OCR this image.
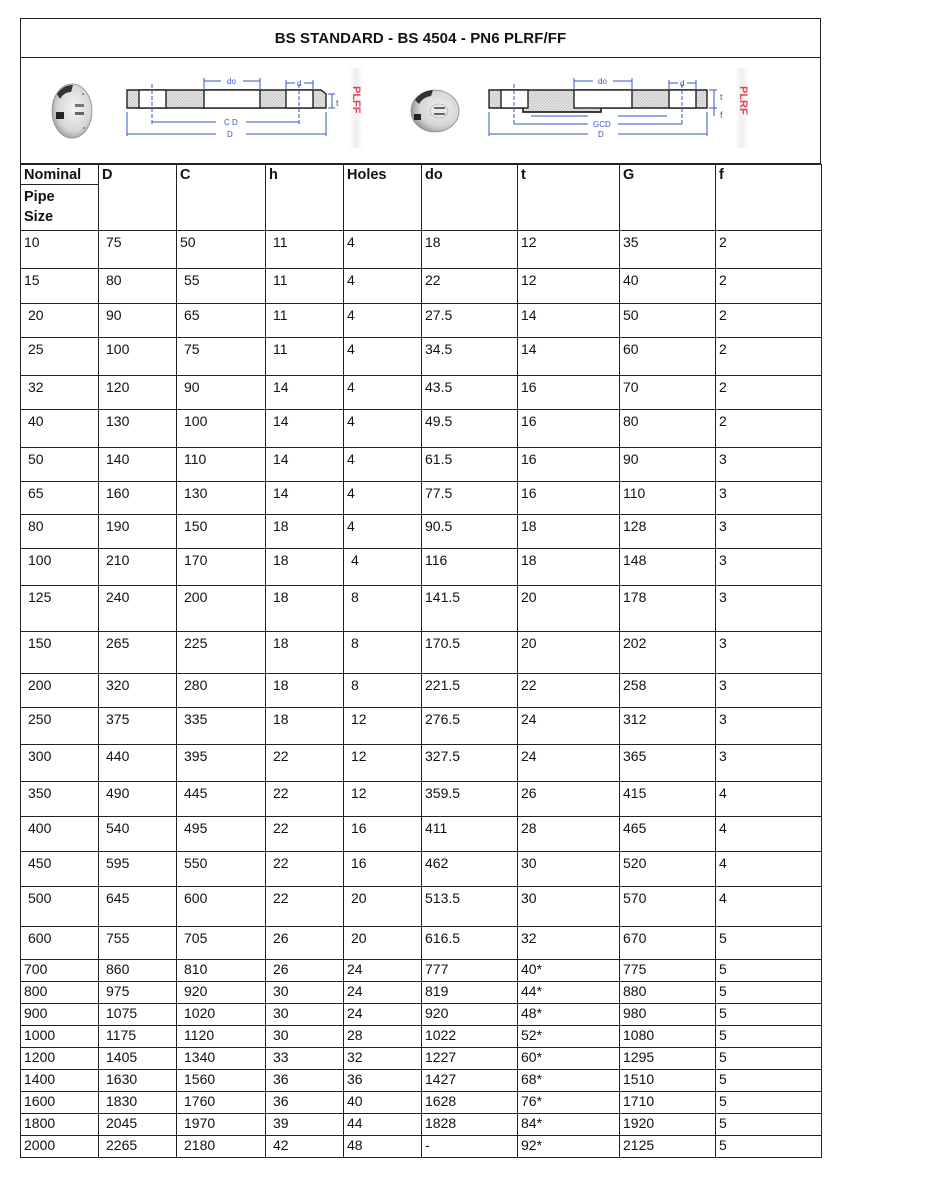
BS STANDARD - BS 4504 - PN6 PLRF/FF
do	d
C D
D
t PLFF
do	d
GCD
D
t
f
PLRF
Nominal
Pipe
Size	D	C	h	Holes	do	t	G	f
10	75	50	11	4	18	12	35	2
15	80	55	11	4	22	12	40	2
20	90	65	11	4	27.5	14	50	2
25	100	75	11	4	34.5	14	60	2
32	120	90	14	4	43.5	16	70	2
40	130	100	14	4	49.5	16	80	2
50	140	110	14	4	61.5	16	90	3
65	160	130	14	4	77.5	16	110	3
80	190	150	18	4	90.5	18	128	3
100	210	170	18	4	116	18	148	3
125	240	200	18	8	141.5	20	178	3
150	265	225	18	8	170.5	20	202	3
200	320	280	18	8	221.5	22	258	3
250	375	335	18	12	276.5	24	312	3
300	440	395	22	12	327.5	24	365	3
350	490	445	22	12	359.5	26	415	4
400	540	495	22	16	411	28	465	4
450	595	550	22	16	462	30	520	4
500	645	600	22	20	513.5	30	570	4
600	755	705	26	20	616.5	32	670	5
700	860	810	26	24	777	40*	775	5
800	975	920	30	24	819	44*	880	5
900	1075	1020	30	24	920	48*	980	5
1000	1175	1120	30	28	1022	52*	1080	5
1200	1405	1340	33	32	1227	60*	1295	5
1400	1630	1560	36	36	1427	68*	1510	5
1600	1830	1760	36	40	1628	76*	1710	5
1800	2045	1970	39	44	1828	84*	1920	5
2000	2265	2180	42	48	-	92*	2125	5
